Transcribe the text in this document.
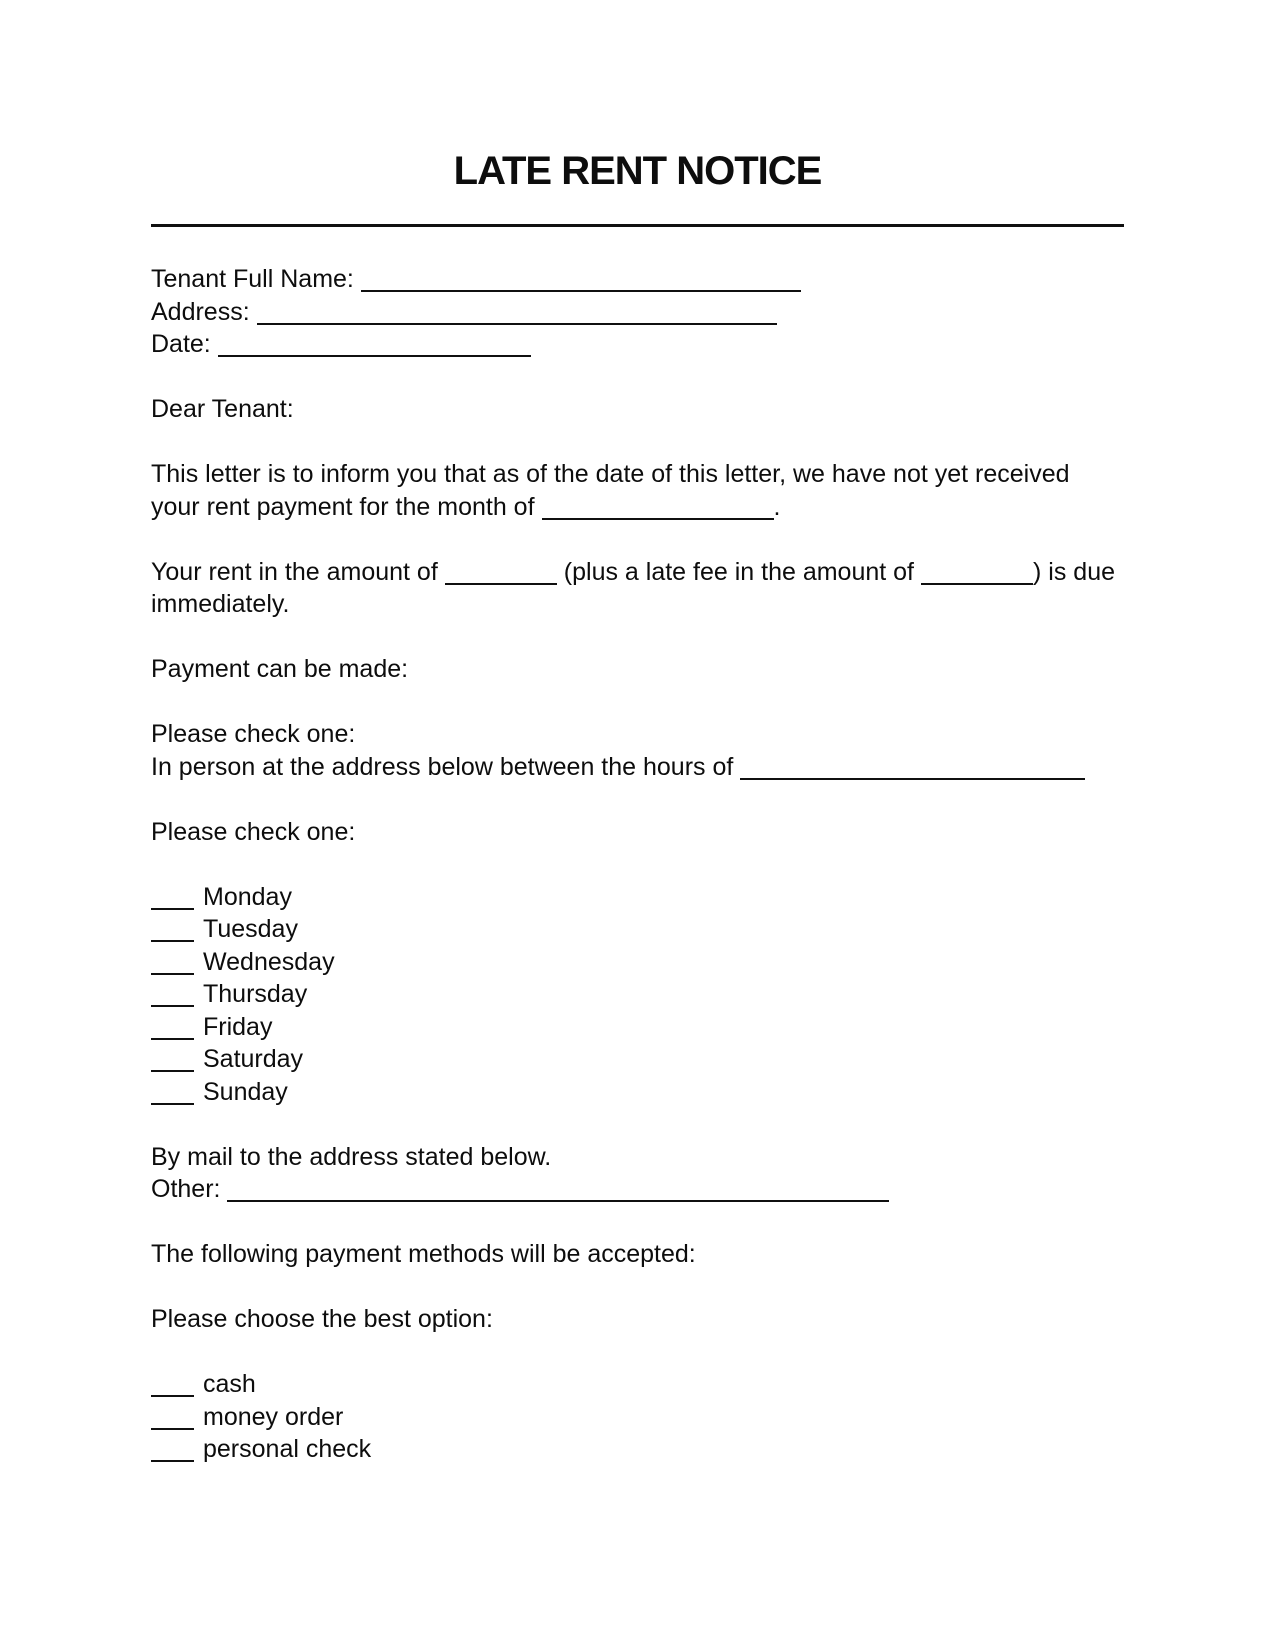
LATE RENT NOTICE
Tenant Full Name:
Address:
Date:
Dear Tenant:
This letter is to inform you that as of the date of this letter, we have not yet received your rent payment for the month of	.
Your rent in the amount of	(plus a late fee in the amount of	) is due immediately.
Payment can be made:
Please check one:
In person at the address below between the hours of
Please check one:
Monday
Tuesday
Wednesday
Thursday
Friday
Saturday
Sunday
By mail to the address stated below.
Other:
The following payment methods will be accepted:
Please choose the best option:
cash
money order
personal check
